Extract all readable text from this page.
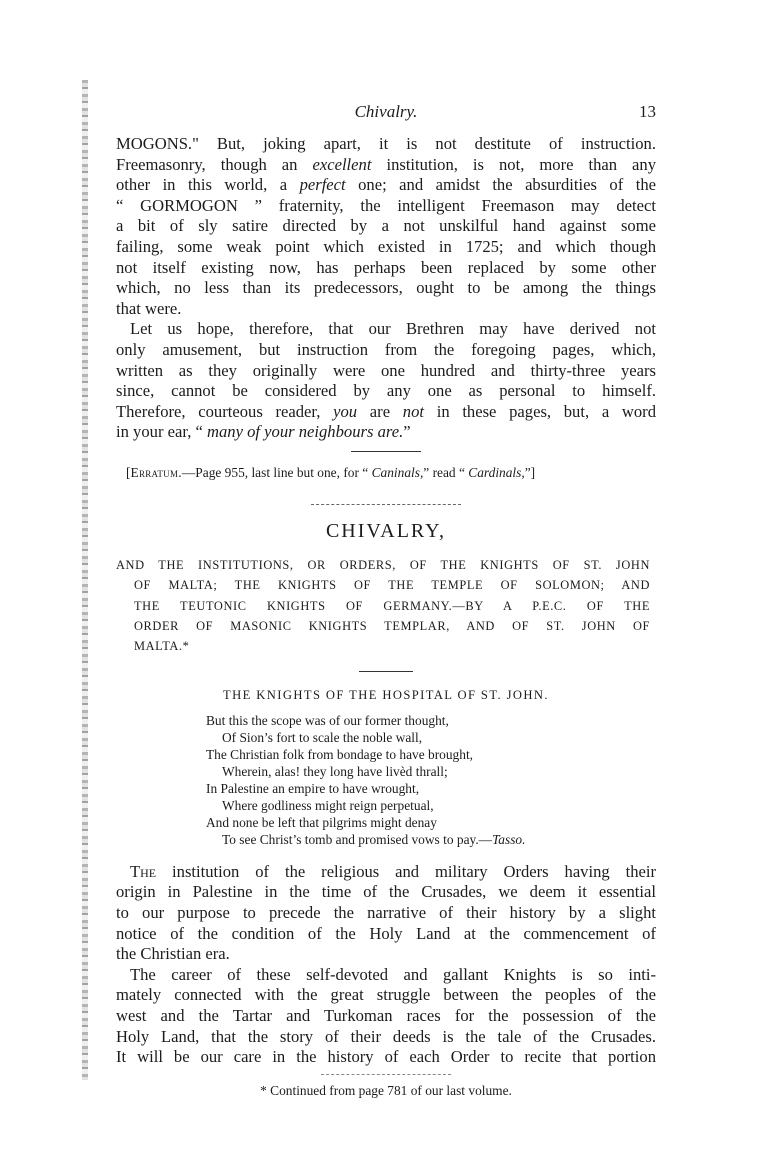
Chivalry.	13
MOGONS." But, joking apart, it is not destitute of instruction.
Freemasonry, though an excellent institution, is not, more than any
other in this world, a perfect one; and amidst the absurdities of the
“ GORMOGON ” fraternity, the intelligent Freemason may detect
a bit of sly satire directed by a not unskilful hand against some
failing, some weak point which existed in 1725; and which though
not itself existing now, has perhaps been replaced by some other
which, no less than its predecessors, ought to be among the things
that were.
Let us hope, therefore, that our Brethren may have derived not
only amusement, but instruction from the foregoing pages, which,
written as they originally were one hundred and thirty-three years
since, cannot be considered by any one as personal to himself.
Therefore, courteous reader, you are not in these pages, but, a word
in your ear, “ many of your neighbours are.”
[Erratum.—Page 955, last line but one, for “ Caninals,” read “ Cardinals,”]
CHIVALRY,
AND THE INSTITUTIONS, OR ORDERS, OF THE KNIGHTS OF ST. JOHN
OF MALTA; THE KNIGHTS OF THE TEMPLE OF SOLOMON; AND
THE TEUTONIC KNIGHTS OF GERMANY.—BY A P.E.C. OF THE
ORDER OF MASONIC KNIGHTS TEMPLAR, AND OF ST. JOHN OF
MALTA.*
THE KNIGHTS OF THE HOSPITAL OF ST. JOHN.
But this the scope was of our former thought,
Of Sion’s fort to scale the noble wall,
The Christian folk from bondage to have brought,
Wherein, alas! they long have livèd thrall;
In Palestine an empire to have wrought,
Where godliness might reign perpetual,
And none be left that pilgrims might denay
To see Christ’s tomb and promised vows to pay.—Tasso.
The institution of the religious and military Orders having their
origin in Palestine in the time of the Crusades, we deem it essential
to our purpose to precede the narrative of their history by a slight
notice of the condition of the Holy Land at the commencement of
the Christian era.
The career of these self-devoted and gallant Knights is so inti-
mately connected with the great struggle between the peoples of the
west and the Tartar and Turkoman races for the possession of the
Holy Land, that the story of their deeds is the tale of the Crusades.
It will be our care in the history of each Order to recite that portion
* Continued from page 781 of our last volume.
